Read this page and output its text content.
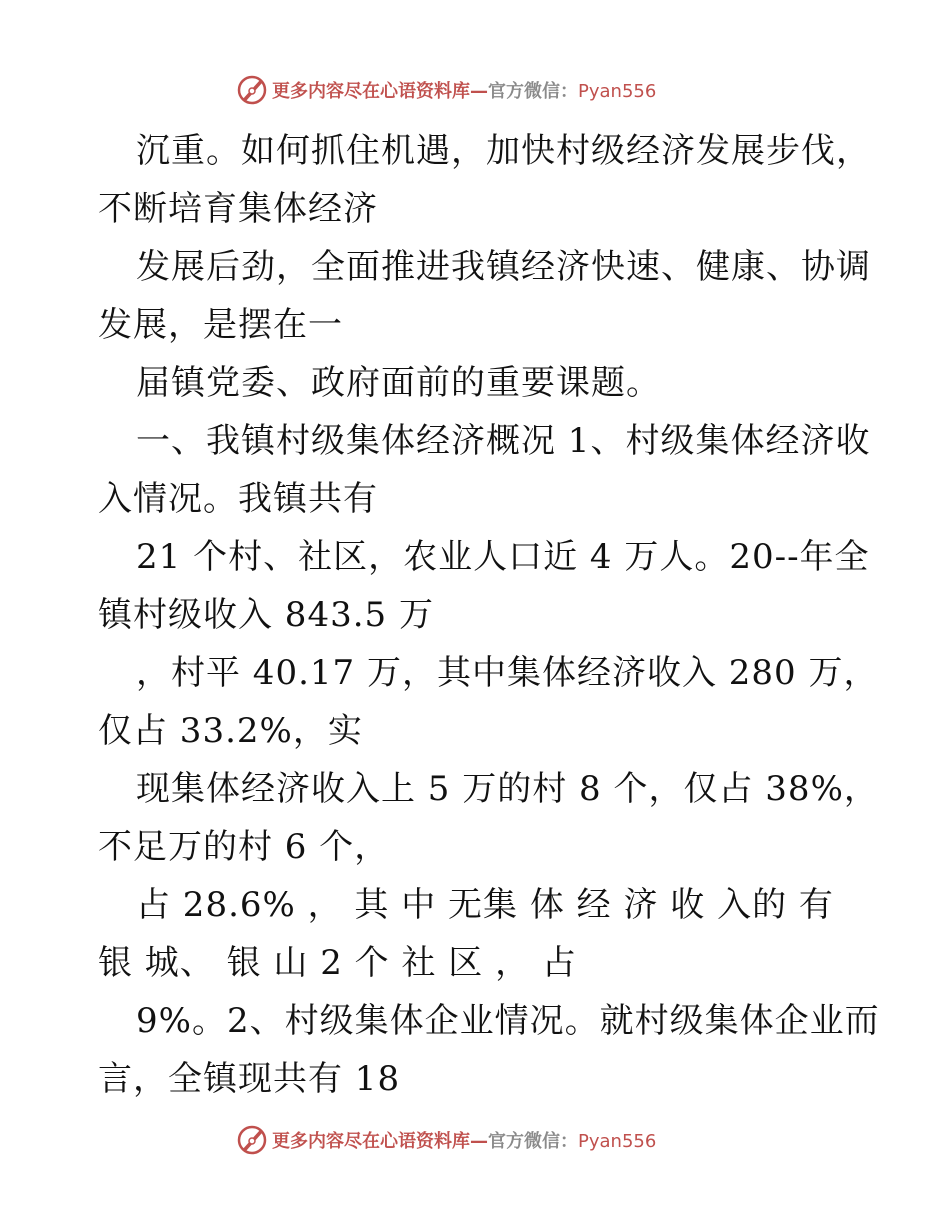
更多内容尽在心语资料库—官方微信：Pyan556
沉重。如何抓住机遇，加快村级经济发展步伐，
不断培育集体经济
发展后劲，全面推进我镇经济快速、健康、协调
发展，是摆在一
届镇党委、政府面前的重要课题。
一、我镇村级集体经济概况 1、村级集体经济收
入情况。我镇共有
21 个村、社区，农业人口近 4 万人。20--年全
镇村级收入 843.5 万
，村平 40.17 万，其中集体经济收入 280 万，
仅占 33.2%，实
现集体经济收入上 5 万的村 8 个，仅占 38%，
不足万的村 6 个，
占 28.6% ， 其 中 无集 体 经 济 收 入的 有
银 城、 银 山 2 个 社 区 ， 占
9%。2、村级集体企业情况。就村级集体企业而
言，全镇现共有 18
更多内容尽在心语资料库—官方微信：Pyan556
